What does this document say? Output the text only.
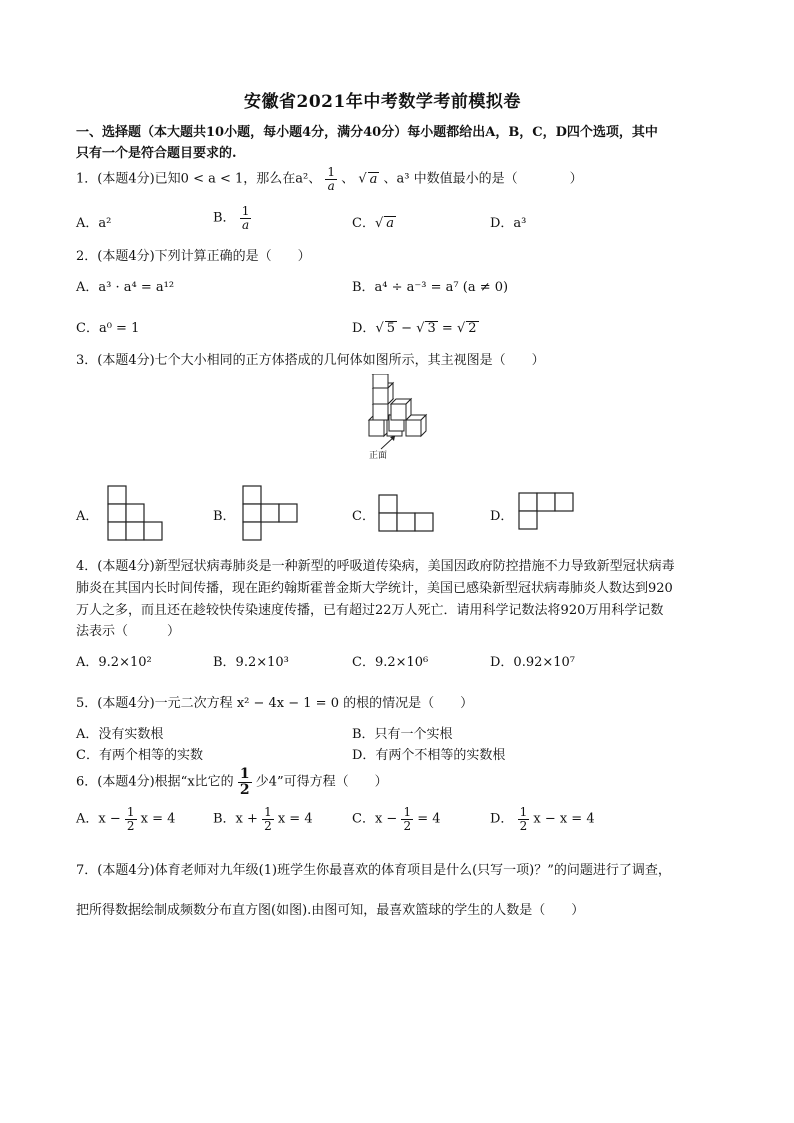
安徽省2021年中考数学考前模拟卷
一、选择题（本大题共10小题，每小题4分，满分40分）每小题都给出A，B，C，D四个选项，其中
只有一个是符合题目要求的.
1．(本题4分)已知0 < a < 1，那么在a²、 $\frac{1}{a}$ 、 √ a 、a³ 中数值最小的是（　　　　）
A．a²	B． $\frac{1}{a}$	C．√ a	D．a³
2．(本题4分)下列计算正确的是（　　）
A．a³ · a⁴ = a¹²	B．a⁴ ÷ a⁻³ = a⁷ (a ≠ 0)
C．a⁰ = 1	D．√ 5 − √ 3 = √ 2
3．(本题4分)七个大小相同的正方体搭成的几何体如图所示，其主视图是（　　）
正面
A．	B．	C．	D．
4．(本题4分)新型冠状病毒肺炎是一种新型的呼吸道传染病，美国因政府防控措施不力导致新型冠状病毒
肺炎在其国内长时间传播，现在距约翰斯霍普金斯大学统计，美国已感染新型冠状病毒肺炎人数达到920
万人之多，而且还在趁较快传染速度传播，已有超过22万人死亡．请用科学记数法将920万用科学记数
法表示（　　　）
A．9.2×10²	B．9.2×10³	C．9.2×10⁶	D．0.92×10⁷
5．(本题4分)一元二次方程 x² − 4x − 1 = 0 的根的情况是（　　）
A．没有实数根	B．只有一个实根
C．有两个相等的实数	D．有两个不相等的实数根
6．(本题4分)根据“x比它的 $\frac{1}{2}$ 少4”可得方程（　　）
A．$x - \frac{1}{2}$ x = 4	B．$x + \frac{1}{2}$ x = 4	C．$x - \frac{1}{2} = 4$	D． $\frac{1}{2}$ x − x = 4
7．(本题4分)体育老师对九年级(1)班学生你最喜欢的体育项目是什么(只写一项)？”的问题进行了调查，
把所得数据绘制成频数分布直方图(如图).由图可知，最喜欢篮球的学生的人数是（　　）
